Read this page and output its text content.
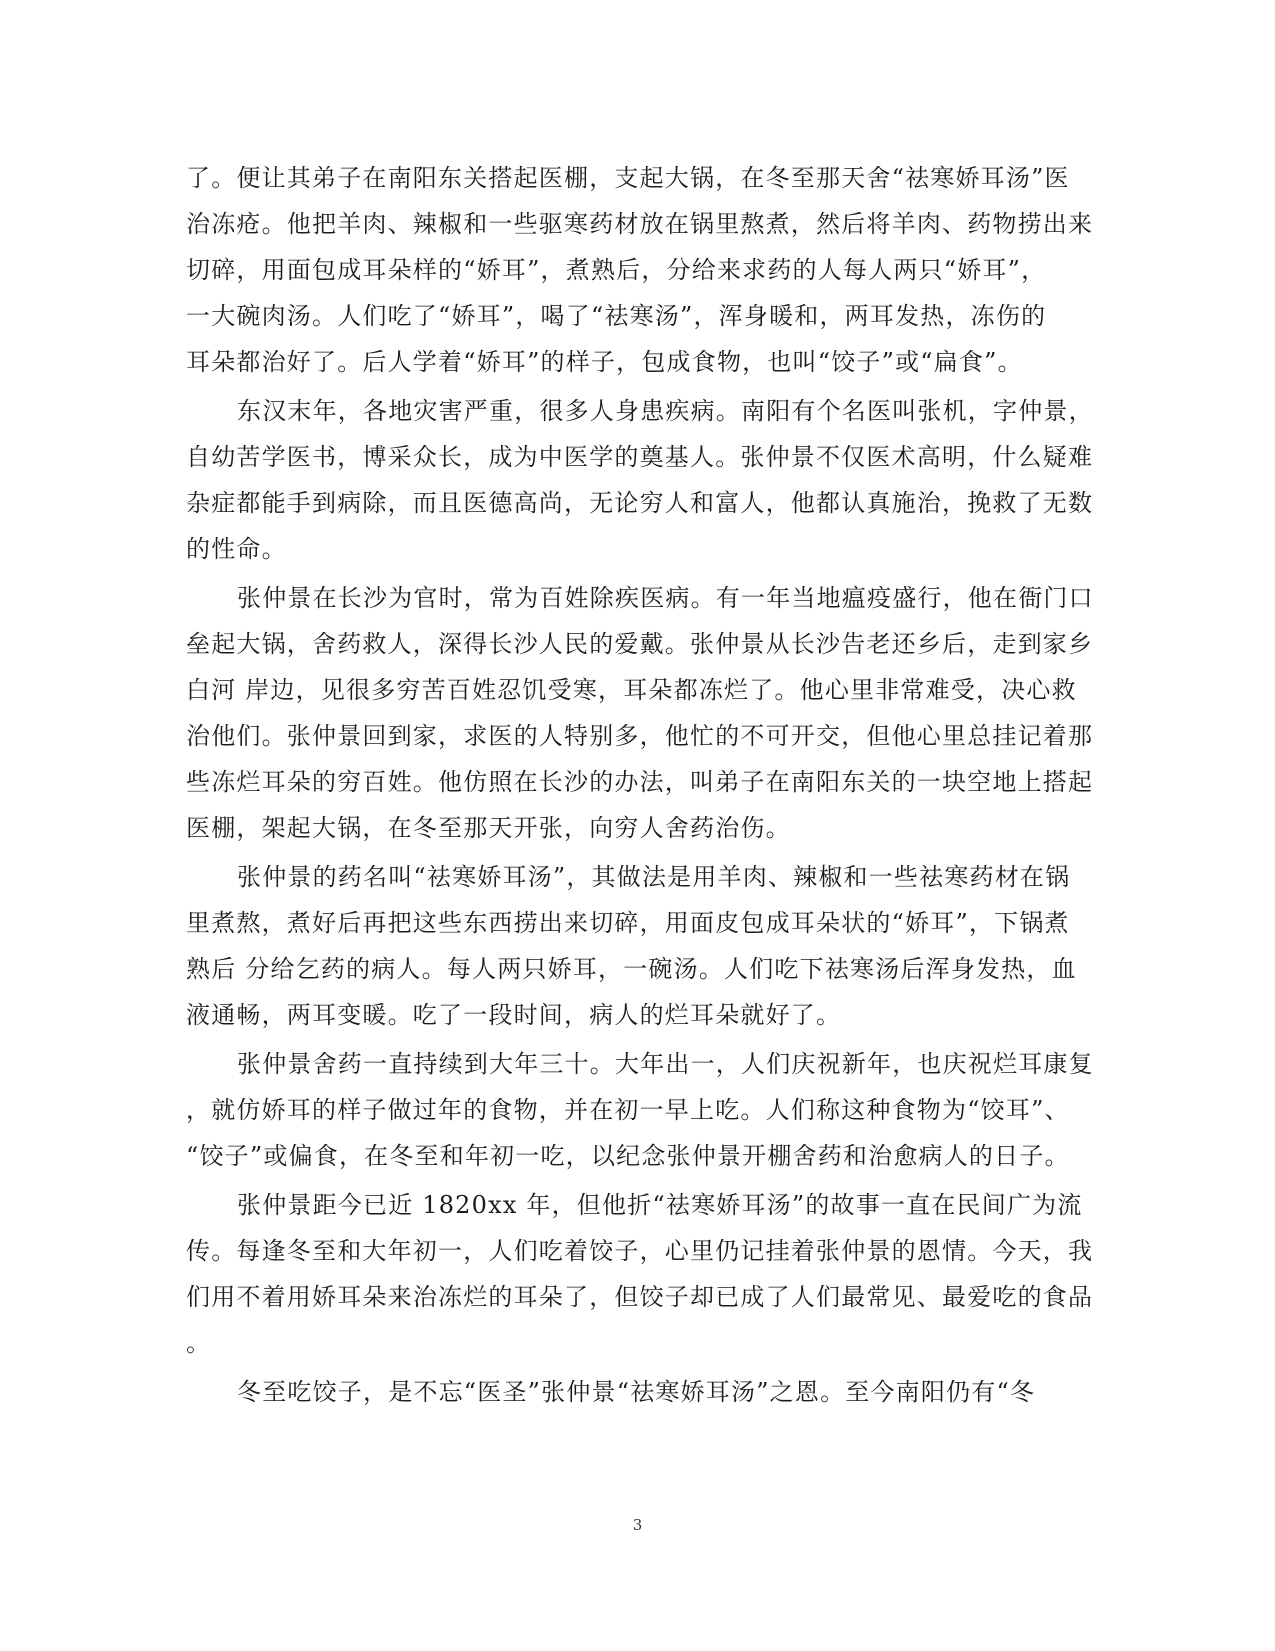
了。便让其弟子在南阳东关搭起医棚，支起大锅，在冬至那天舍“祛寒娇耳汤”医
治冻疮。他把羊肉、辣椒和一些驱寒药材放在锅里熬煮，然后将羊肉、药物捞出来
切碎，用面包成耳朵样的“娇耳”，煮熟后，分给来求药的人每人两只“娇耳”，
一大碗肉汤。人们吃了“娇耳”，喝了“祛寒汤”，浑身暖和，两耳发热，冻伤的
耳朵都治好了。后人学着“娇耳”的样子，包成食物，也叫“饺子”或“扁食”。
东汉末年，各地灾害严重，很多人身患疾病。南阳有个名医叫张机，字仲景，
自幼苦学医书，博采众长，成为中医学的奠基人。张仲景不仅医术高明，什么疑难
杂症都能手到病除，而且医德高尚，无论穷人和富人，他都认真施治，挽救了无数
的性命。
张仲景在长沙为官时，常为百姓除疾医病。有一年当地瘟疫盛行，他在衙门口
垒起大锅，舍药救人，深得长沙人民的爱戴。张仲景从长沙告老还乡后，走到家乡
白河 岸边，见很多穷苦百姓忍饥受寒，耳朵都冻烂了。他心里非常难受，决心救
治他们。张仲景回到家，求医的人特别多，他忙的不可开交，但他心里总挂记着那
些冻烂耳朵的穷百姓。他仿照在长沙的办法，叫弟子在南阳东关的一块空地上搭起
医棚，架起大锅，在冬至那天开张，向穷人舍药治伤。
张仲景的药名叫“祛寒娇耳汤”，其做法是用羊肉、辣椒和一些祛寒药材在锅
里煮熬，煮好后再把这些东西捞出来切碎，用面皮包成耳朵状的“娇耳”，下锅煮
熟后 分给乞药的病人。每人两只娇耳，一碗汤。人们吃下祛寒汤后浑身发热，血
液通畅，两耳变暖。吃了一段时间，病人的烂耳朵就好了。
张仲景舍药一直持续到大年三十。大年出一，人们庆祝新年，也庆祝烂耳康复
，就仿娇耳的样子做过年的食物，并在初一早上吃。人们称这种食物为“饺耳”、
“饺子”或偏食，在冬至和年初一吃，以纪念张仲景开棚舍药和治愈病人的日子。
张仲景距今已近 1820xx 年，但他折“祛寒娇耳汤”的故事一直在民间广为流
传。每逢冬至和大年初一，人们吃着饺子，心里仍记挂着张仲景的恩情。今天，我
们用不着用娇耳朵来治冻烂的耳朵了，但饺子却已成了人们最常见、最爱吃的食品
。
冬至吃饺子，是不忘“医圣”张仲景“祛寒娇耳汤”之恩。至今南阳仍有“冬
3
